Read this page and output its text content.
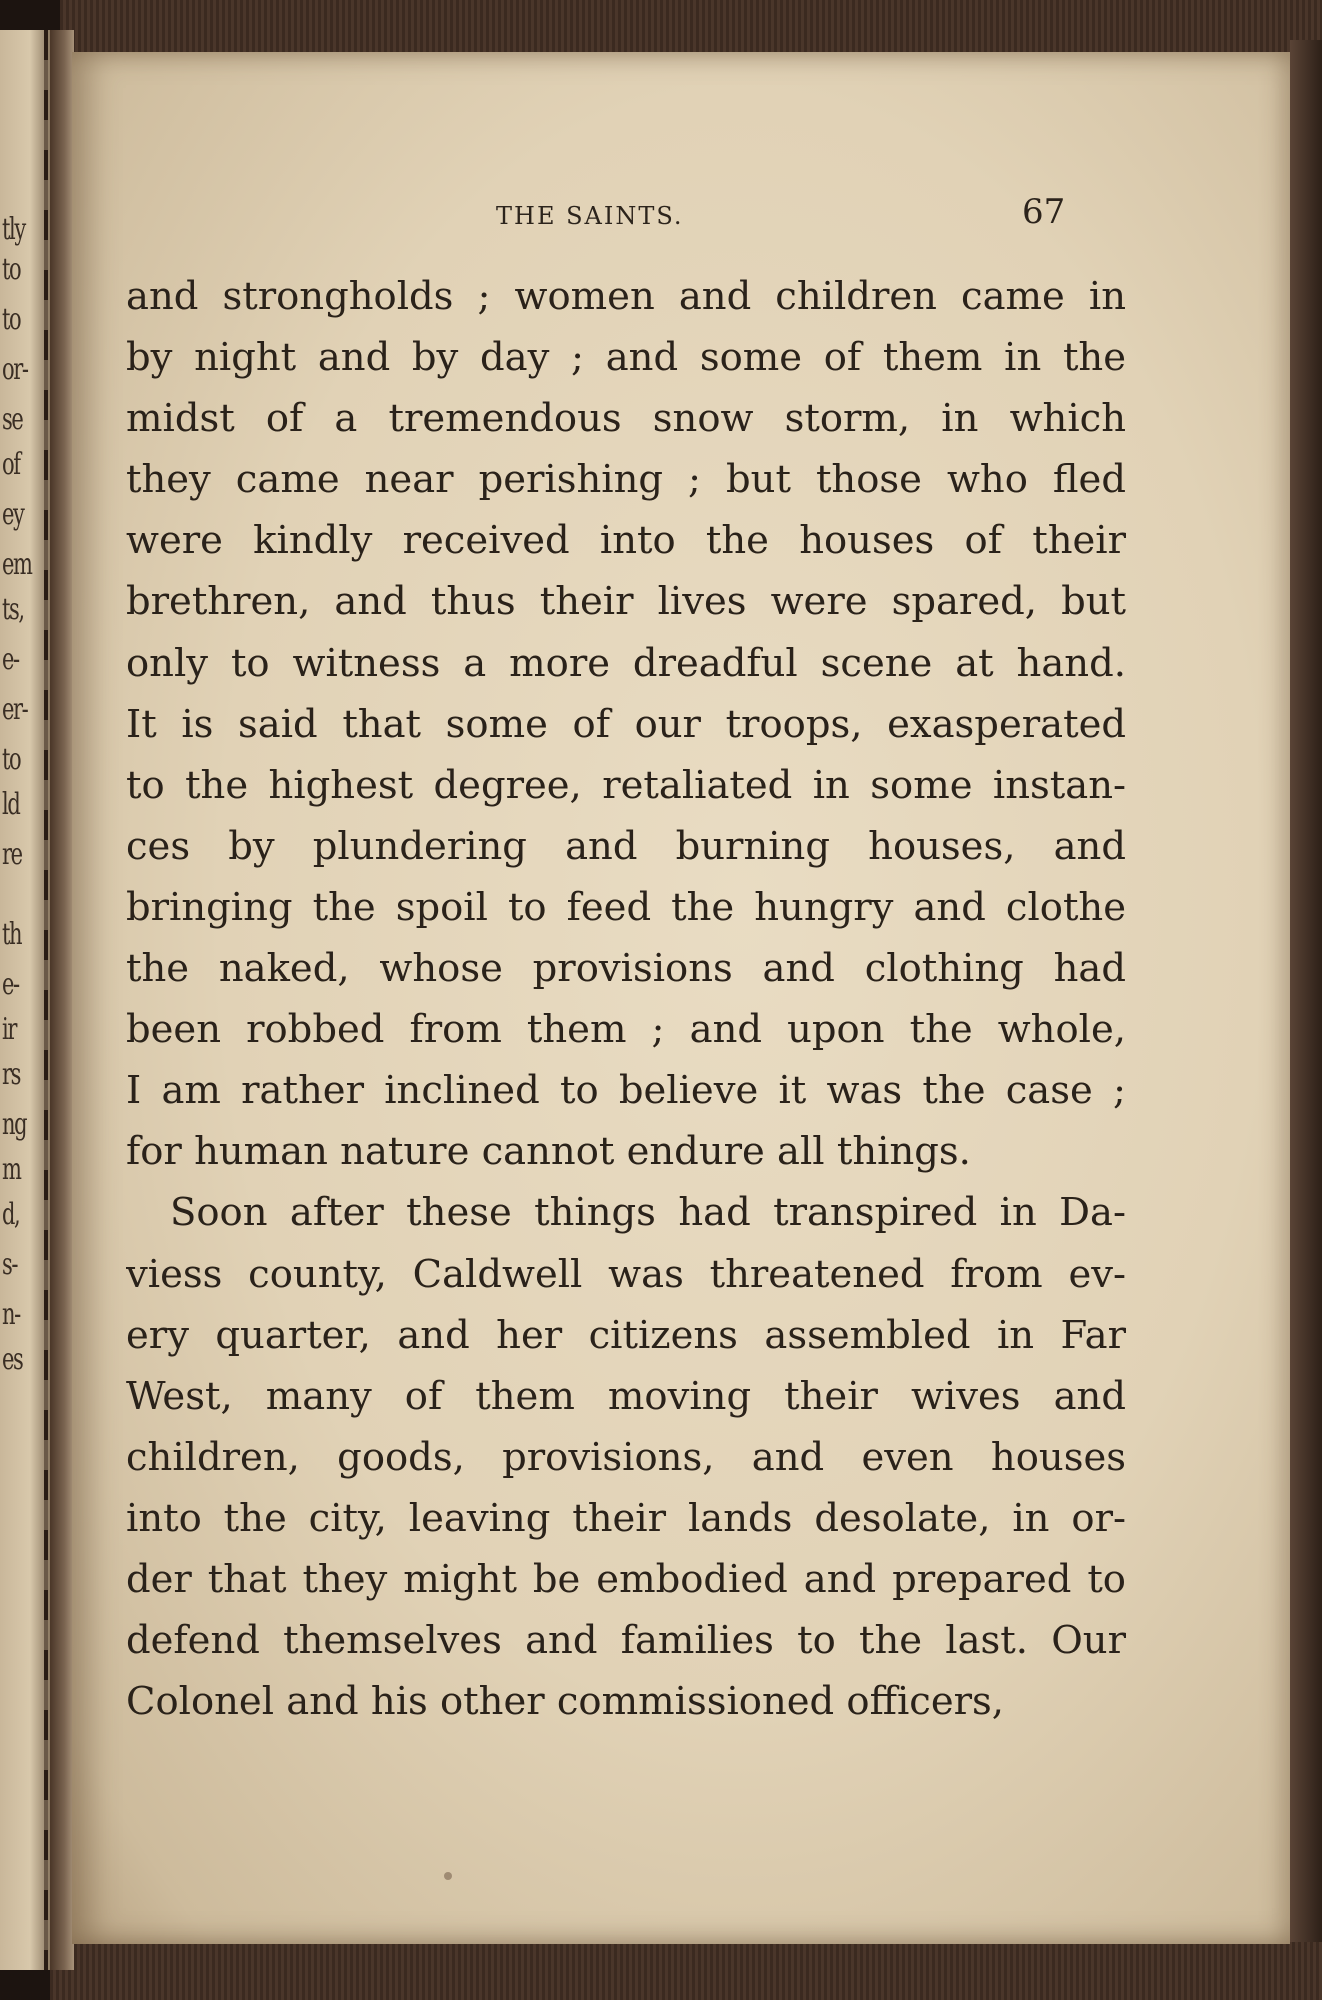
tly
to
to
or-
se
of
ey
em
ts,
e-
er-
to
ld
re
th
e-
ir
rs
ng
m
d,
s-
n-
es
THE SAINTS.	67
and strongholds ; women and children came in
by night and by day ; and some of them in the
midst of a tremendous snow storm, in which
they came near perishing ; but those who fled
were kindly received into the houses of their
brethren, and thus their lives were spared, but
only to witness a more dreadful scene at hand.
It is said that some of our troops, exasperated
to the highest degree, retaliated in some instan-
ces by plundering and burning houses, and
bringing the spoil to feed the hungry and clothe
the naked, whose provisions and clothing had
been robbed from them ; and upon the whole,
I am rather inclined to believe it was the case ;
for human nature cannot endure all things.
Soon after these things had transpired in Da-
viess county, Caldwell was threatened from ev-
ery quarter, and her citizens assembled in Far
West, many of them moving their wives and
children, goods, provisions, and even houses
into the city, leaving their lands desolate, in or-
der that they might be embodied and prepared to
defend themselves and families to the last. Our
Colonel and his other commissioned officers,
